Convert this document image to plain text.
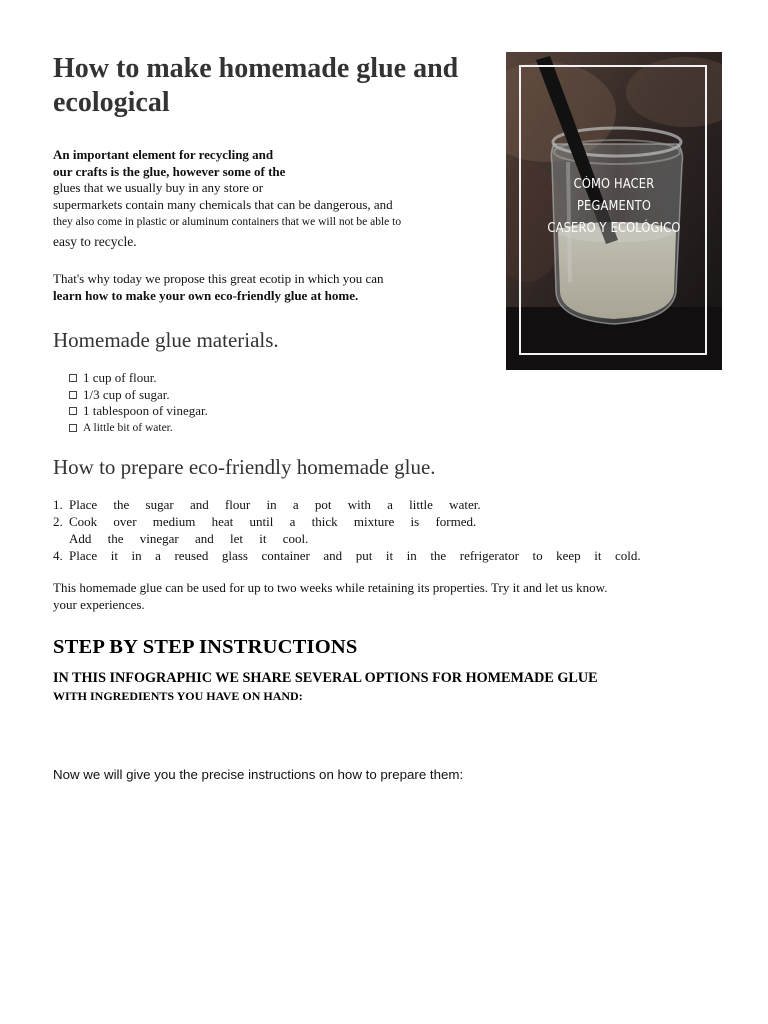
How to make homemade glue and ecological
An important element for recycling and
our crafts is the glue, however some of the
glues that we usually buy in any store or
supermarkets contain many chemicals that can be dangerous, and
they also come in plastic or aluminum containers that we will not be able to
easy to recycle.
That's why today we propose this great ecotip in which you can
learn how to make your own eco-friendly glue at home.
Homemade glue materials.
1 cup of flour.
1/3 cup of sugar.
1 tablespoon of vinegar.
A little bit of water.
How to prepare eco-friendly homemade glue.
1. Place the sugar and flour in a pot with a little water.
2. Cook over medium heat until a thick mixture is formed.
Add the vinegar and let it cool.
4. Place it in a reused glass container and put it in the refrigerator to keep it cold.
This homemade glue can be used for up to two weeks while retaining its properties. Try it and let us know.
your experiences.
STEP BY STEP INSTRUCTIONS
IN THIS INFOGRAPHIC WE SHARE SEVERAL OPTIONS FOR HOMEMADE GLUE
WITH INGREDIENTS YOU HAVE ON HAND:
Now we will give you the precise instructions on how to prepare them:
CÓMO HACER
PEGAMENTO
CASERO Y ECOLÓGICO
